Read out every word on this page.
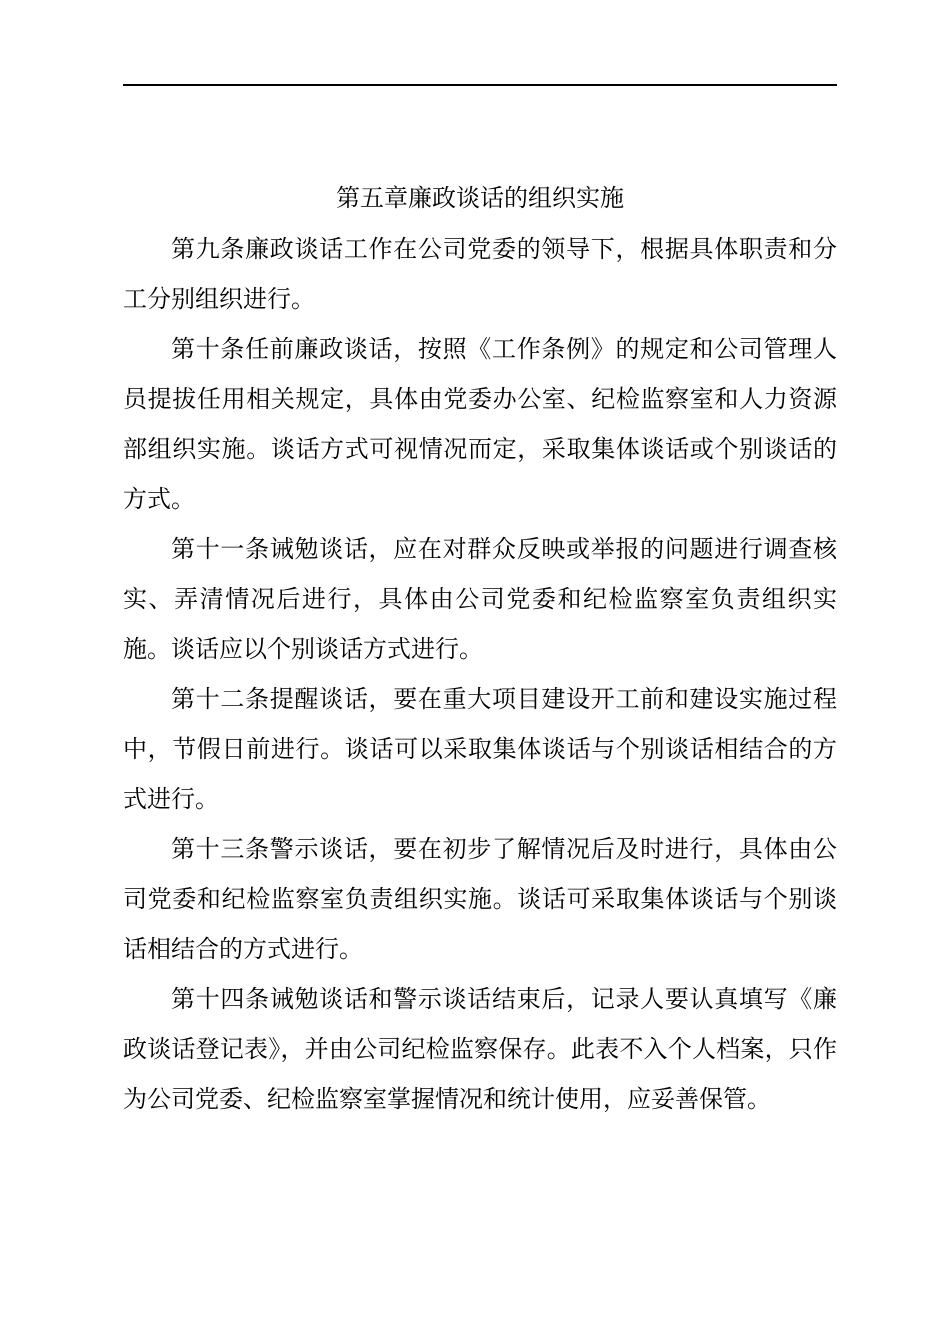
第五章廉政谈话的组织实施

第九条廉政谈话工作在公司党委的领导下，根据具体职责和分工分别组织进行。

第十条任前廉政谈话，按照《工作条例》的规定和公司管理人员提拔任用相关规定，具体由党委办公室、纪检监察室和人力资源部组织实施。谈话方式可视情况而定，采取集体谈话或个别谈话的方式。

第十一条诫勉谈话，应在对群众反映或举报的问题进行调查核实、弄清情况后进行，具体由公司党委和纪检监察室负责组织实施。谈话应以个别谈话方式进行。

第十二条提醒谈话，要在重大项目建设开工前和建设实施过程中，节假日前进行。谈话可以采取集体谈话与个别谈话相结合的方式进行。

第十三条警示谈话，要在初步了解情况后及时进行，具体由公司党委和纪检监察室负责组织实施。谈话可采取集体谈话与个别谈话相结合的方式进行。

第十四条诫勉谈话和警示谈话结束后，记录人要认真填写《廉政谈话登记表》，并由公司纪检监察保存。此表不入个人档案，只作为公司党委、纪检监察室掌握情况和统计使用，应妥善保管。
